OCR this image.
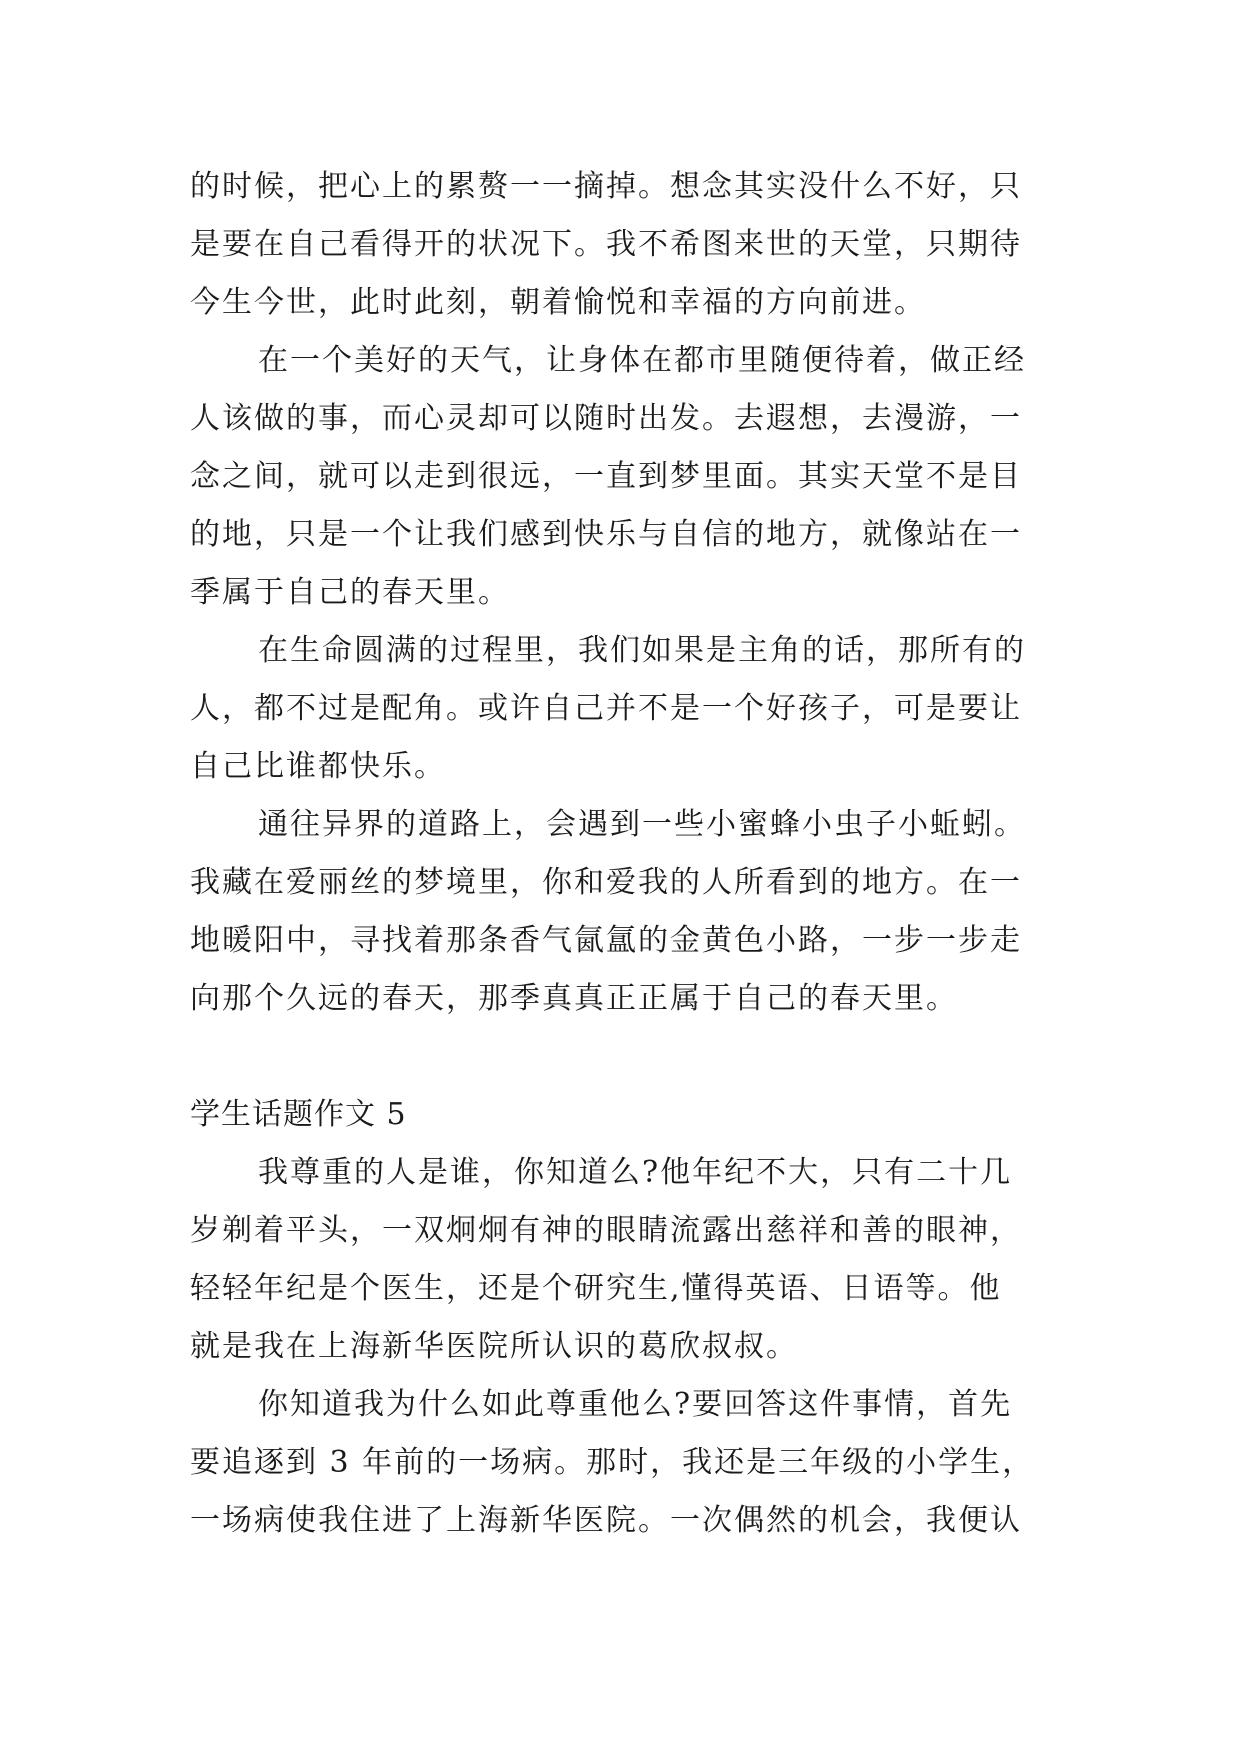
的时候，把心上的累赘一一摘掉。想念其实没什么不好，只

是要在自己看得开的状况下。我不希图来世的天堂，只期待

今生今世，此时此刻，朝着愉悦和幸福的方向前进。

在一个美好的天气，让身体在都市里随便待着，做正经

人该做的事，而心灵却可以随时出发。去遐想，去漫游，一

念之间，就可以走到很远，一直到梦里面。其实天堂不是目

的地，只是一个让我们感到快乐与自信的地方，就像站在一

季属于自己的春天里。

在生命圆满的过程里，我们如果是主角的话，那所有的

人，都不过是配角。或许自己并不是一个好孩子，可是要让

自己比谁都快乐。

通往异界的道路上，会遇到一些小蜜蜂小虫子小蚯蚓。

我藏在爱丽丝的梦境里，你和爱我的人所看到的地方。在一

地暖阳中，寻找着那条香气氤氲的金黄色小路，一步一步走

向那个久远的春天，那季真真正正属于自己的春天里。

学生话题作文 5

我尊重的人是谁，你知道么?他年纪不大，只有二十几

岁剃着平头，一双炯炯有神的眼睛流露出慈祥和善的眼神，

轻轻年纪是个医生，还是个研究生,懂得英语、日语等。他

就是我在上海新华医院所认识的葛欣叔叔。

你知道我为什么如此尊重他么?要回答这件事情，首先

要追逐到 3 年前的一场病。那时，我还是三年级的小学生，

一场病使我住进了上海新华医院。一次偶然的机会，我便认
